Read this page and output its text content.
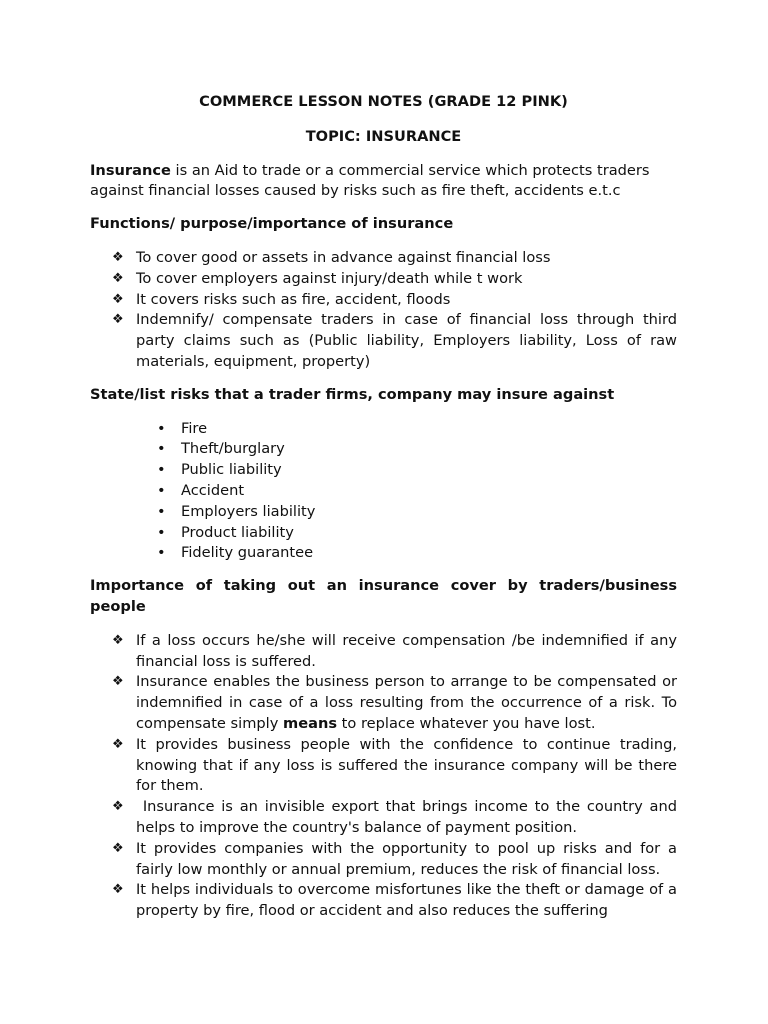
COMMERCE LESSON NOTES (GRADE 12 PINK)

TOPIC: INSURANCE

Insurance is an Aid to trade or a commercial service which protects traders against financial losses caused by risks such as fire theft, accidents e.t.c

Functions/ purpose/importance of insurance

❖ To cover good or assets in advance against financial loss
❖ To cover employers against injury/death while t work
❖ It covers risks such as fire, accident, floods
❖ Indemnify/ compensate traders in case of financial loss through third party claims such as (Public liability, Employers liability, Loss of raw materials, equipment, property)

State/list risks that a trader firms, company may insure against

• Fire
• Theft/burglary
• Public liability
• Accident
• Employers liability
• Product liability
• Fidelity guarantee

Importance of taking out an insurance cover by traders/business people

❖ If a loss occurs he/she will receive compensation /be indemnified if any financial loss is suffered.
❖ Insurance enables the business person to arrange to be compensated or indemnified in case of a loss resulting from the occurrence of a risk. To compensate simply means to replace whatever you have lost.
❖ It provides business people with the confidence to continue trading, knowing that if any loss is suffered the insurance company will be there for them.
❖ Insurance is an invisible export that brings income to the country and helps to improve the country's balance of payment position.
❖ It provides companies with the opportunity to pool up risks and for a fairly low monthly or annual premium, reduces the risk of financial loss.
❖ It helps individuals to overcome misfortunes like the theft or damage of a property by fire, flood or accident and also reduces the suffering
